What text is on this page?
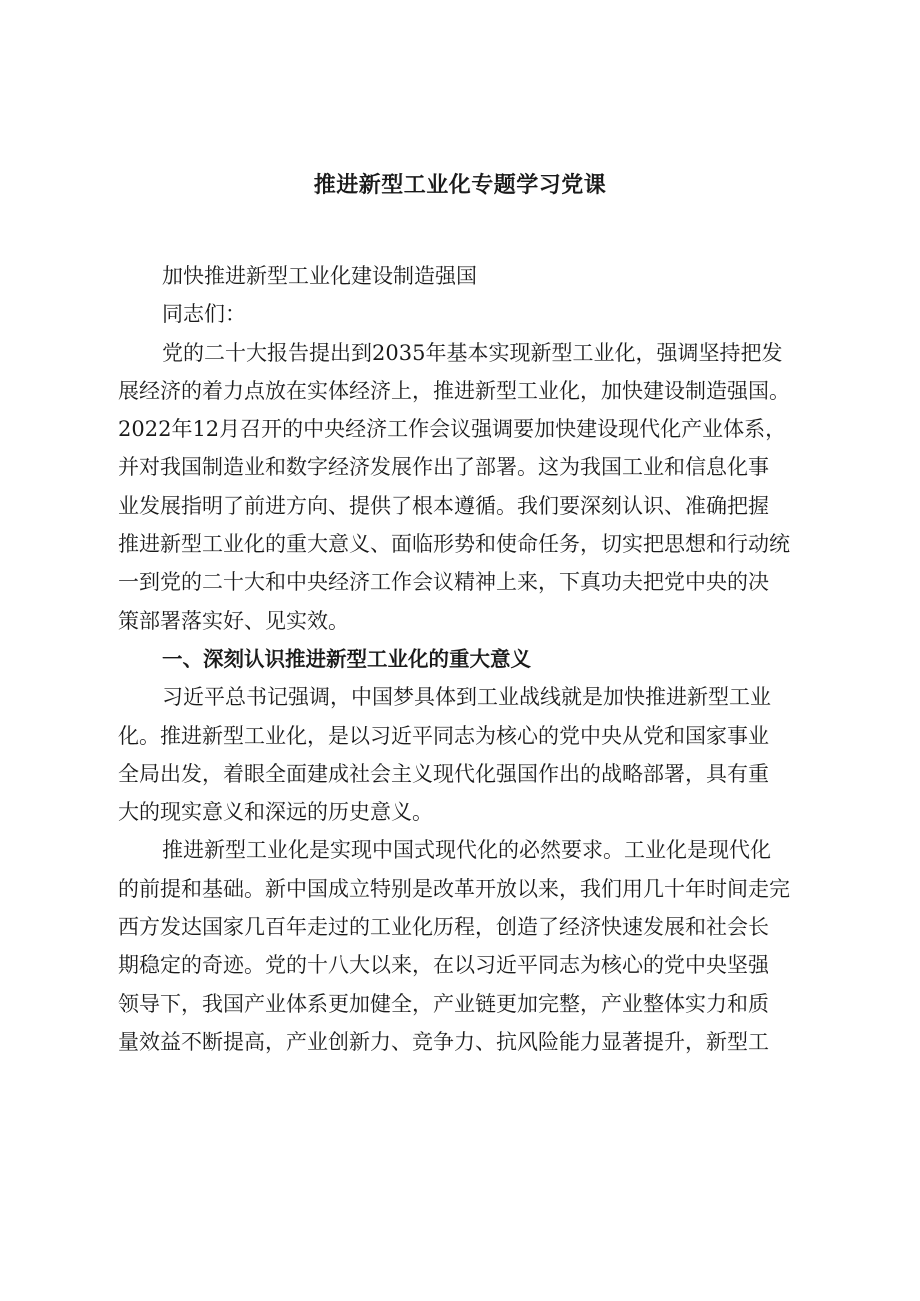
推进新型工业化专题学习党课

加快推进新型工业化建设制造强国

同志们：

党的二十大报告提出到2035年基本实现新型工业化，强调坚持把发
展经济的着力点放在实体经济上，推进新型工业化，加快建设制造强国。
2022年12月召开的中央经济工作会议强调要加快建设现代化产业体系，
并对我国制造业和数字经济发展作出了部署。这为我国工业和信息化事
业发展指明了前进方向、提供了根本遵循。我们要深刻认识、准确把握
推进新型工业化的重大意义、面临形势和使命任务，切实把思想和行动统
一到党的二十大和中央经济工作会议精神上来，下真功夫把党中央的决
策部署落实好、见实效。

一、深刻认识推进新型工业化的重大意义

习近平总书记强调，中国梦具体到工业战线就是加快推进新型工业
化。推进新型工业化，是以习近平同志为核心的党中央从党和国家事业
全局出发，着眼全面建成社会主义现代化强国作出的战略部署，具有重
大的现实意义和深远的历史意义。

推进新型工业化是实现中国式现代化的必然要求。工业化是现代化
的前提和基础。新中国成立特别是改革开放以来，我们用几十年时间走完
西方发达国家几百年走过的工业化历程，创造了经济快速发展和社会长
期稳定的奇迹。党的十八大以来，在以习近平同志为核心的党中央坚强
领导下，我国产业体系更加健全，产业链更加完整，产业整体实力和质
量效益不断提高，产业创新力、竞争力、抗风险能力显著提升，新型工
